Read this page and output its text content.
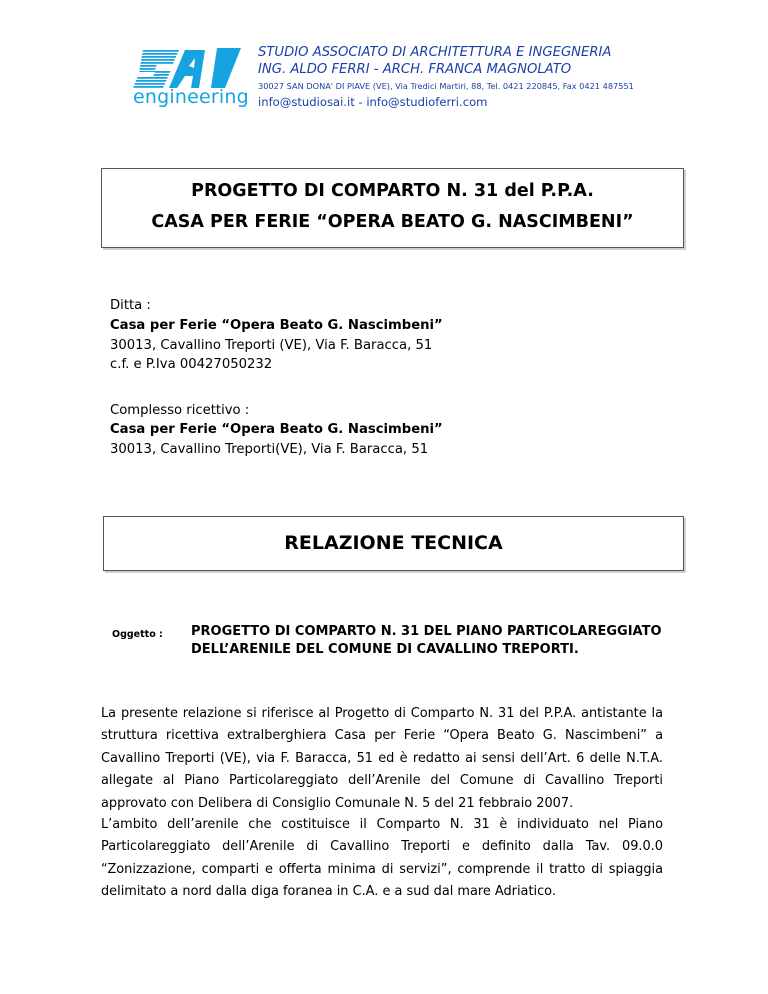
engineering
STUDIO ASSOCIATO DI ARCHITETTURA E INGEGNERIA
ING. ALDO FERRI - ARCH. FRANCA MAGNOLATO
30027 SAN DONA' DI PIAVE (VE), Via Tredici Martiri, 88, Tel. 0421 220845, Fax 0421 487551
info@studiosai.it - info@studioferri.com
PROGETTO DI COMPARTO N. 31 del P.P.A.
CASA PER FERIE “OPERA BEATO G. NASCIMBENI”
Ditta :
Casa per Ferie “Opera Beato G. Nascimbeni”
30013, Cavallino Treporti (VE), Via F. Baracca, 51
c.f. e P.Iva 00427050232
Complesso ricettivo :
Casa per Ferie “Opera Beato G. Nascimbeni”
30013, Cavallino Treporti(VE), Via F. Baracca, 51
RELAZIONE TECNICA
Oggetto : PROGETTO DI COMPARTO N. 31 DEL PIANO PARTICOLAREGGIATO
DELL’ARENILE DEL COMUNE DI CAVALLINO TREPORTI.
La presente relazione si riferisce al Progetto di Comparto N. 31 del P.P.A. antistante la struttura ricettiva extralberghiera Casa per Ferie “Opera Beato G. Nascimbeni” a Cavallino Treporti (VE), via F. Baracca, 51 ed è redatto ai sensi dell’Art. 6 delle N.T.A. allegate al Piano Particolareggiato dell’Arenile del Comune di Cavallino Treporti approvato con Delibera di Consiglio Comunale N. 5 del 21 febbraio 2007.
L’ambito dell’arenile che costituisce il Comparto N. 31 è individuato nel Piano Particolareggiato dell’Arenile di Cavallino Treporti e definito dalla Tav. 09.0.0 “Zonizzazione, comparti e offerta minima di servizi”, comprende il tratto di spiaggia delimitato a nord dalla diga foranea in C.A. e a sud dal mare Adriatico.
